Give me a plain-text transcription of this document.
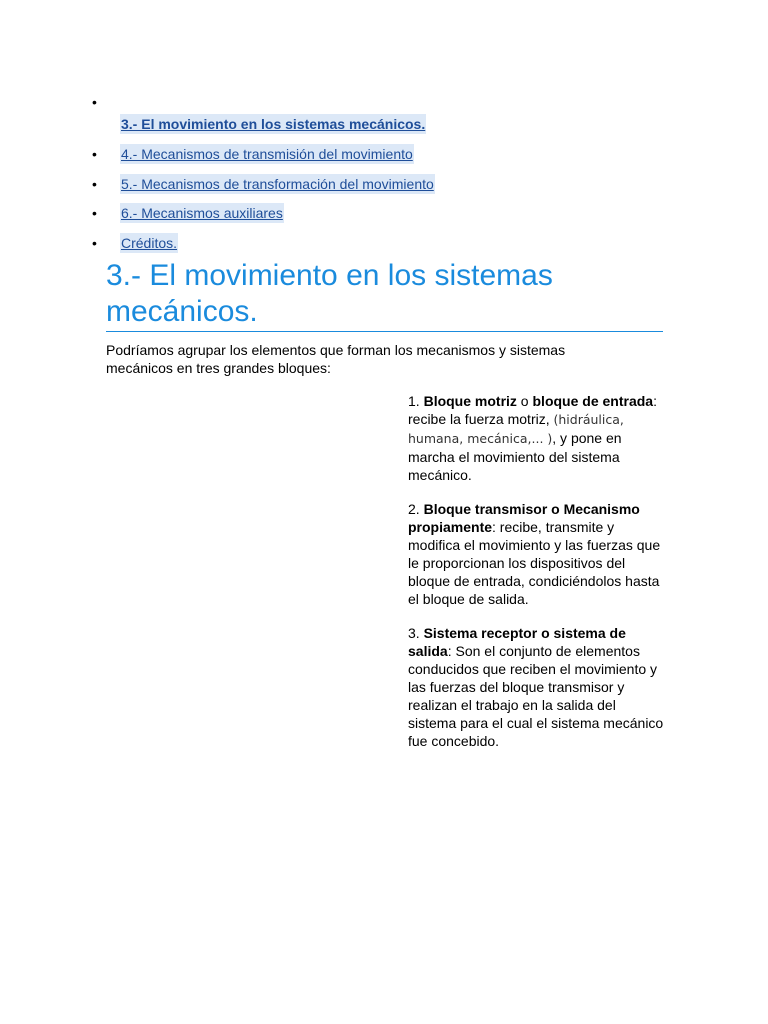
•
3.- El movimiento en los sistemas mecánicos.
• 4.- Mecanismos de transmisión del movimiento
• 5.- Mecanismos de transformación del movimiento
• 6.- Mecanismos auxiliares
• Créditos.
3.- El movimiento en los sistemas mecánicos.

Podríamos agrupar los elementos que forman los mecanismos y sistemas mecánicos en tres grandes bloques:

1. Bloque motriz o bloque de entrada: recibe la fuerza motriz, (hidráulica, humana, mecánica,... ), y pone en marcha el movimiento del sistema mecánico.

2. Bloque transmisor o Mecanismo propiamente: recibe, transmite y modifica el movimiento y las fuerzas que le proporcionan los dispositivos del bloque de entrada, condiciéndolos hasta el bloque de salida.

3. Sistema receptor o sistema de salida: Son el conjunto de elementos conducidos que reciben el movimiento y las fuerzas del bloque transmisor y realizan el trabajo en la salida del sistema para el cual el sistema mecánico fue concebido.
